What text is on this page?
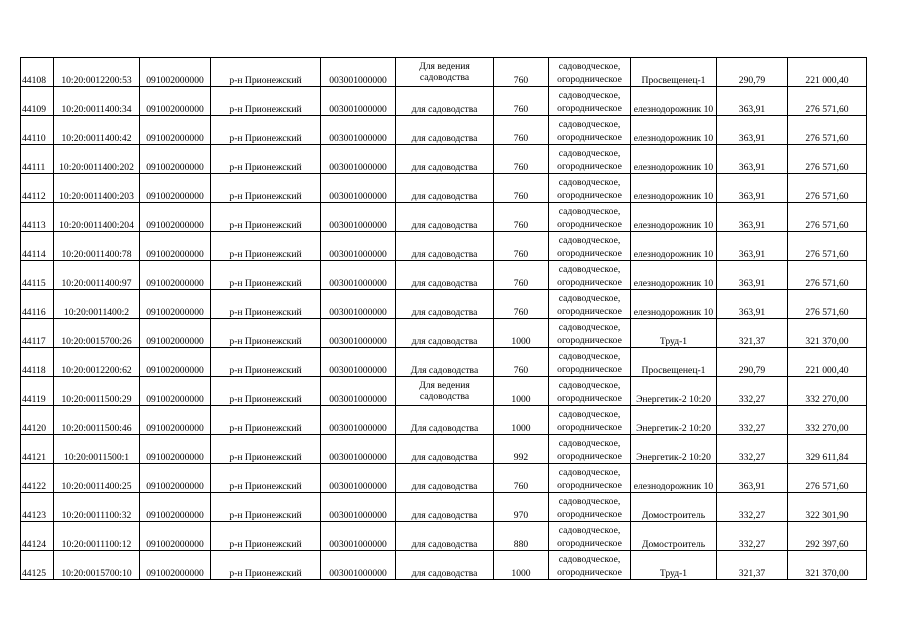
44108	10:20:0012200:53	091002000000	р-н Прионежский	003001000000	Для ведения садоводства	760	садоводческое, огородническое	Просвещенец-1	290,79	221 000,40
44109	10:20:0011400:34	091002000000	р-н Прионежский	003001000000	для садоводства	760	садоводческое, огородническое	елезнодорожник 10	363,91	276 571,60
44110	10:20:0011400:42	091002000000	р-н Прионежский	003001000000	для садоводства	760	садоводческое, огородническое	елезнодорожник 10	363,91	276 571,60
44111	10:20:0011400:202	091002000000	р-н Прионежский	003001000000	для садоводства	760	садоводческое, огородническое	елезнодорожник 10	363,91	276 571,60
44112	10:20:0011400:203	091002000000	р-н Прионежский	003001000000	для садоводства	760	садоводческое, огородническое	елезнодорожник 10	363,91	276 571,60
44113	10:20:0011400:204	091002000000	р-н Прионежский	003001000000	для садоводства	760	садоводческое, огородническое	елезнодорожник 10	363,91	276 571,60
44114	10:20:0011400:78	091002000000	р-н Прионежский	003001000000	для садоводства	760	садоводческое, огородническое	елезнодорожник 10	363,91	276 571,60
44115	10:20:0011400:97	091002000000	р-н Прионежский	003001000000	для садоводства	760	садоводческое, огородническое	елезнодорожник 10	363,91	276 571,60
44116	10:20:0011400:2	091002000000	р-н Прионежский	003001000000	для садоводства	760	садоводческое, огородническое	елезнодорожник 10	363,91	276 571,60
44117	10:20:0015700:26	091002000000	р-н Прионежский	003001000000	для садоводства	1000	садоводческое, огородническое	Труд-1	321,37	321 370,00
44118	10:20:0012200:62	091002000000	р-н Прионежский	003001000000	Для садоводства	760	садоводческое, огородническое	Просвещенец-1	290,79	221 000,40
44119	10:20:0011500:29	091002000000	р-н Прионежский	003001000000	Для ведения садоводства	1000	садоводческое, огородническое	Энергетик-2 10:20	332,27	332 270,00
44120	10:20:0011500:46	091002000000	р-н Прионежский	003001000000	Для садоводства	1000	садоводческое, огородническое	Энергетик-2 10:20	332,27	332 270,00
44121	10:20:0011500:1	091002000000	р-н Прионежский	003001000000	для садоводства	992	садоводческое, огородническое	Энергетик-2 10:20	332,27	329 611,84
44122	10:20:0011400:25	091002000000	р-н Прионежский	003001000000	для садоводства	760	садоводческое, огородническое	елезнодорожник 10	363,91	276 571,60
44123	10:20:0011100:32	091002000000	р-н Прионежский	003001000000	для садоводства	970	садоводческое, огородническое	Домостроитель	332,27	322 301,90
44124	10:20:0011100:12	091002000000	р-н Прионежский	003001000000	для садоводства	880	садоводческое, огородническое	Домостроитель	332,27	292 397,60
44125	10:20:0015700:10	091002000000	р-н Прионежский	003001000000	для садоводства	1000	садоводческое, огородническое	Труд-1	321,37	321 370,00
